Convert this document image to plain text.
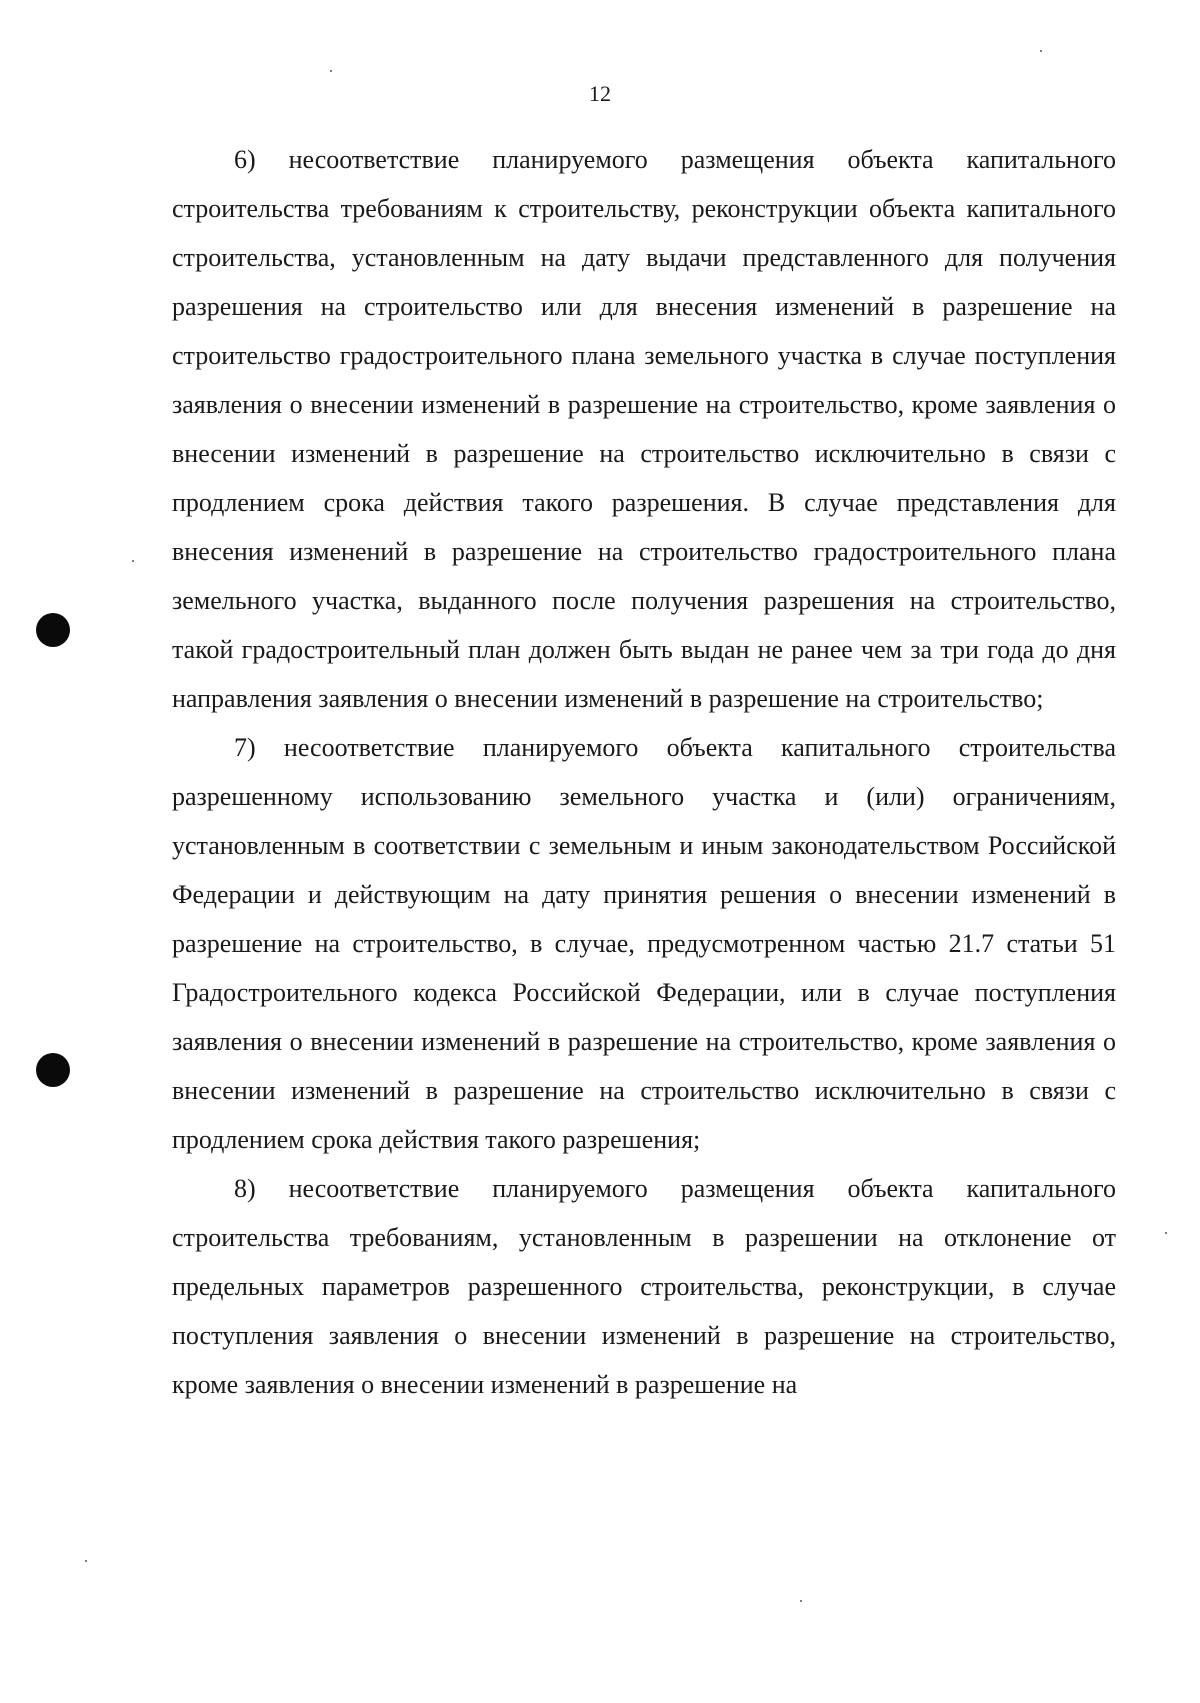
12

6) несоответствие планируемого размещения объекта капитального строительства требованиям к строительству, реконструкции объекта капитального строительства, установленным на дату выдачи представленного для получения разрешения на строительство или для внесения изменений в разрешение на строительство градостроительного плана земельного участка в случае поступления заявления о внесении изменений в разрешение на строительство, кроме заявления о внесении изменений в разрешение на строительство исключительно в связи с продлением срока действия такого разрешения. В случае представления для внесения изменений в разрешение на строительство градостроительного плана земельного участка, выданного после получения разрешения на строительство, такой градостроительный план должен быть выдан не ранее чем за три года до дня направления заявления о внесении изменений в разрешение на строительство;

7) несоответствие планируемого объекта капитального строительства разрешенному использованию земельного участка и (или) ограничениям, установленным в соответствии с земельным и иным законодательством Российской Федерации и действующим на дату принятия решения о внесении изменений в разрешение на строительство, в случае, предусмотренном частью 21.7 статьи 51 Градостроительного кодекса Российской Федерации, или в случае поступления заявления о внесении изменений в разрешение на строительство, кроме заявления о внесении изменений в разрешение на строительство исключительно в связи с продлением срока действия такого разрешения;

8) несоответствие планируемого размещения объекта капитального строительства требованиям, установленным в разрешении на отклонение от предельных параметров разрешенного строительства, реконструкции, в случае поступления заявления о внесении изменений в разрешение на строительство, кроме заявления о внесении изменений в разрешение на
